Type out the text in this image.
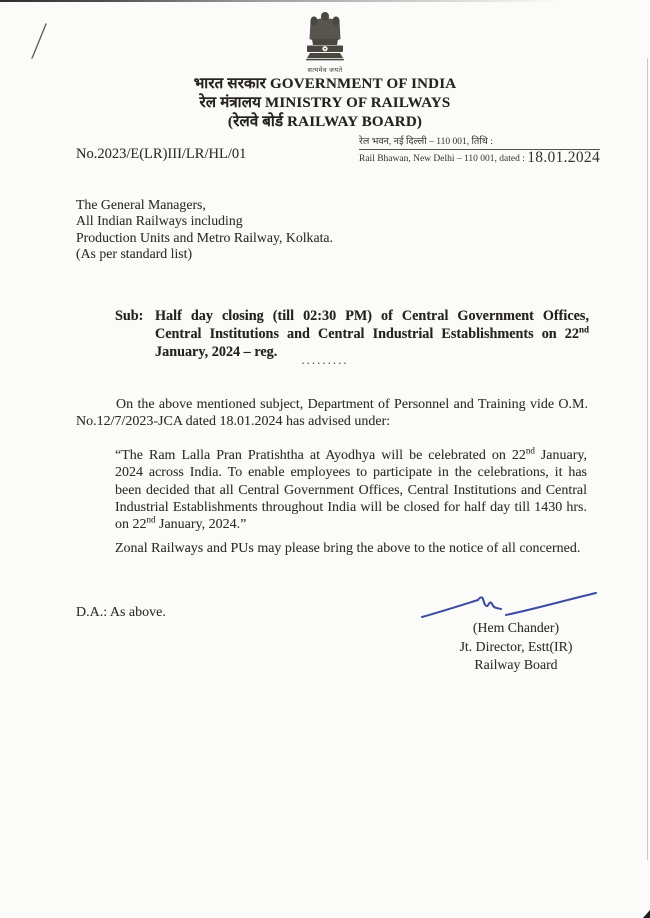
सत्यमेव जयते
भारत सरकार GOVERNMENT OF INDIA
रेल मंत्रालय MINISTRY OF RAILWAYS
(रेलवे बोर्ड RAILWAY BOARD)
No.2023/E(LR)III/LR/HL/01
रेल भवन, नई दिल्ली – 110 001, तिथि :
Rail Bhawan, New Delhi – 110 001, dated : 18.01.2024
The General Managers,
All Indian Railways including
Production Units and Metro Railway, Kolkata.
(As per standard list)
Sub: Half day closing (till 02:30 PM) of Central Government Offices, Central Institutions and Central Industrial Establishments on 22nd January, 2024 – reg.	.........
On the above mentioned subject, Department of Personnel and Training vide O.M. No.12/7/2023-JCA dated 18.01.2024 has advised under:
“The Ram Lalla Pran Pratishtha at Ayodhya will be celebrated on 22nd January, 2024 across India. To enable employees to participate in the celebrations, it has been decided that all Central Government Offices, Central Institutions and Central Industrial Establishments throughout India will be closed for half day till 1430 hrs. on 22nd January, 2024.”
Zonal Railways and PUs may please bring the above to the notice of all concerned.
D.A.: As above.
(Hem Chander)
Jt. Director, Estt(IR)
Railway Board
